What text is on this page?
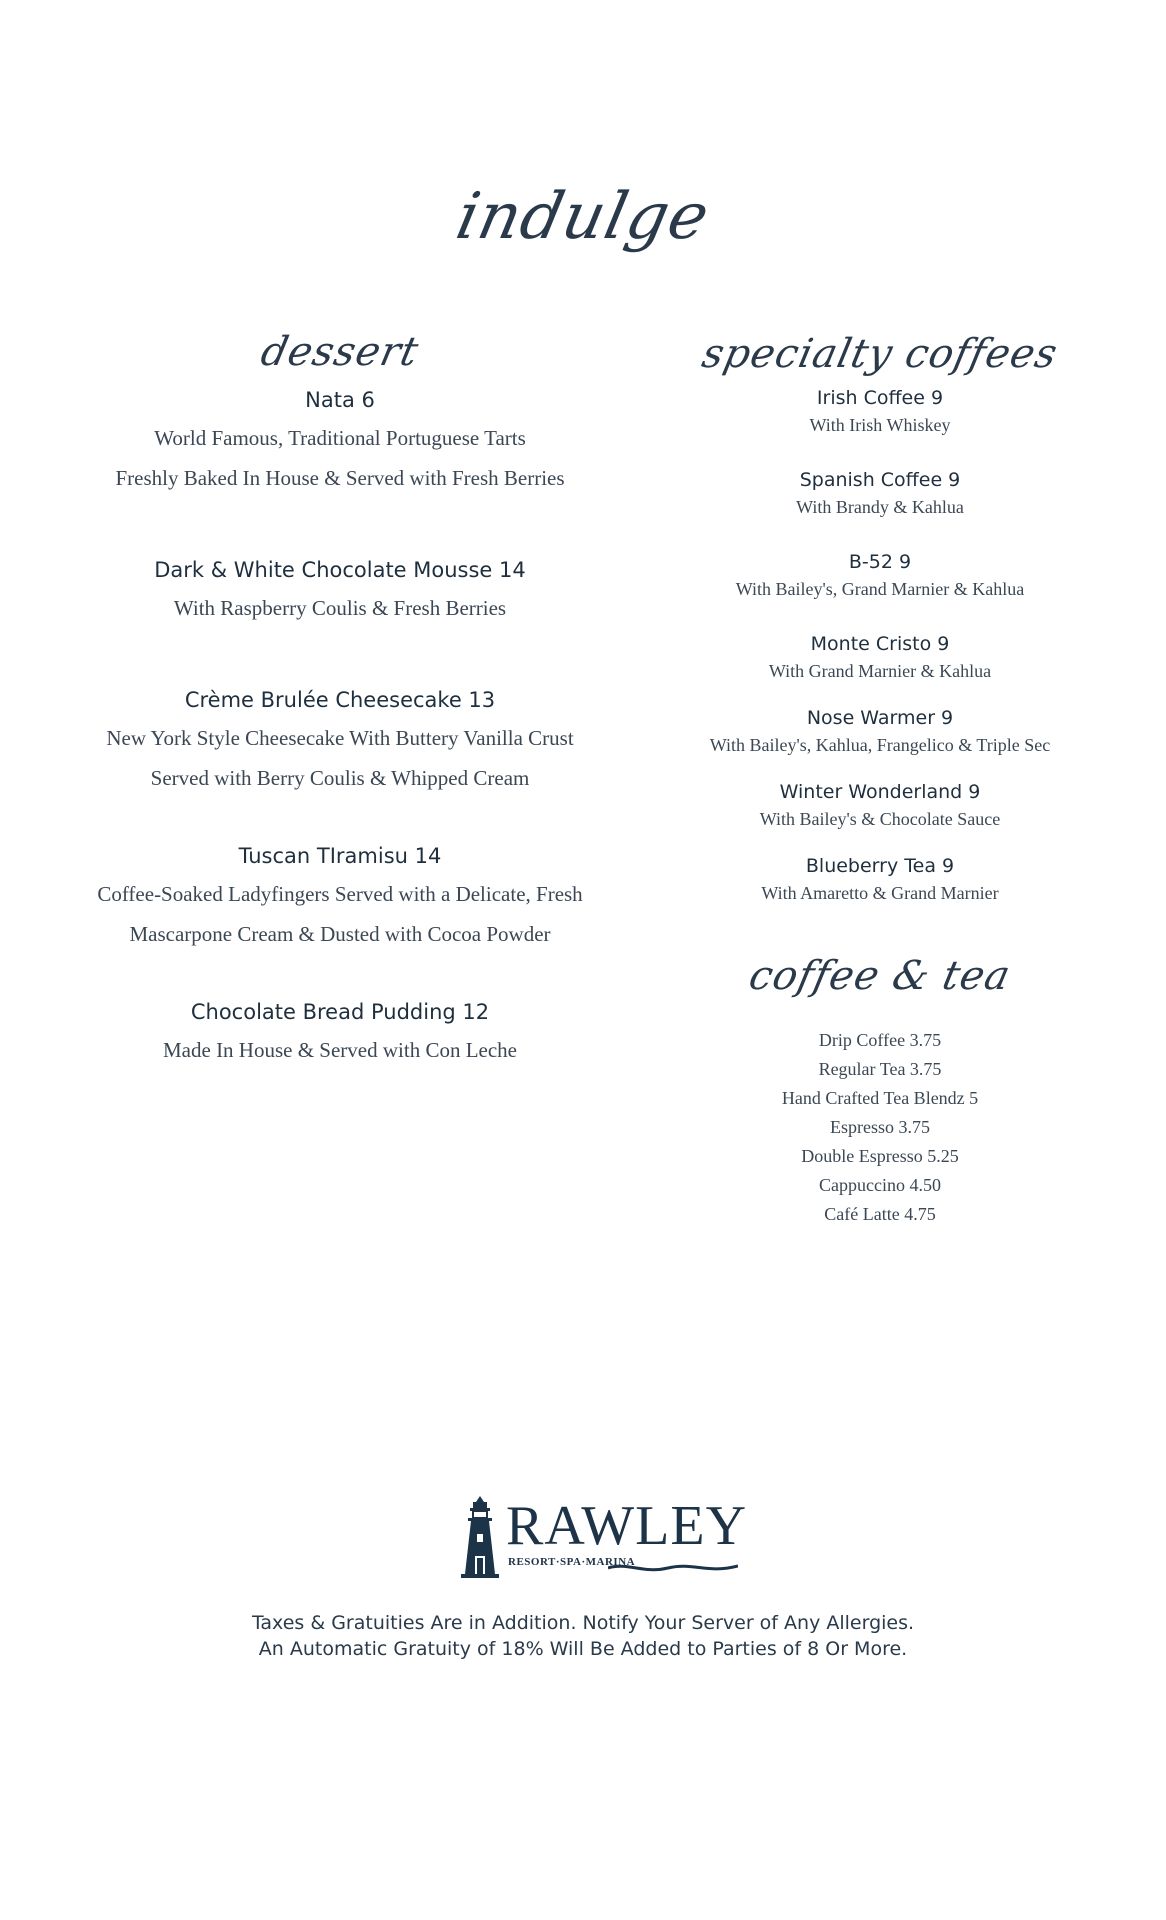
indulge
dessert
Nata 6
World Famous, Traditional Portuguese Tarts
Freshly Baked In House & Served with Fresh Berries
Dark & White Chocolate Mousse 14
With Raspberry Coulis & Fresh Berries
Crème Brulée Cheesecake 13
New York Style Cheesecake With Buttery Vanilla Crust
Served with Berry Coulis & Whipped Cream
Tuscan TIramisu 14
Coffee-Soaked Ladyfingers Served with a Delicate, Fresh
Mascarpone Cream & Dusted with Cocoa Powder
Chocolate Bread Pudding 12
Made In House & Served with Con Leche
specialty coffees
Irish Coffee 9
With Irish Whiskey
Spanish Coffee 9
With Brandy & Kahlua
B-52 9
With Bailey's, Grand Marnier & Kahlua
Monte Cristo 9
With Grand Marnier & Kahlua
Nose Warmer 9
With Bailey's, Kahlua, Frangelico & Triple Sec
Winter Wonderland 9
With Bailey's & Chocolate Sauce
Blueberry Tea 9
With Amaretto & Grand Marnier
coffee & tea
Drip Coffee 3.75
Regular Tea 3.75
Hand Crafted Tea Blendz 5
Espresso 3.75
Double Espresso 5.25
Cappuccino 4.50
Café Latte 4.75
RAWLEY
RESORT·SPA·MARINA
Taxes & Gratuities Are in Addition. Notify Your Server of Any Allergies.
An Automatic Gratuity of 18% Will Be Added to Parties of 8 Or More.
